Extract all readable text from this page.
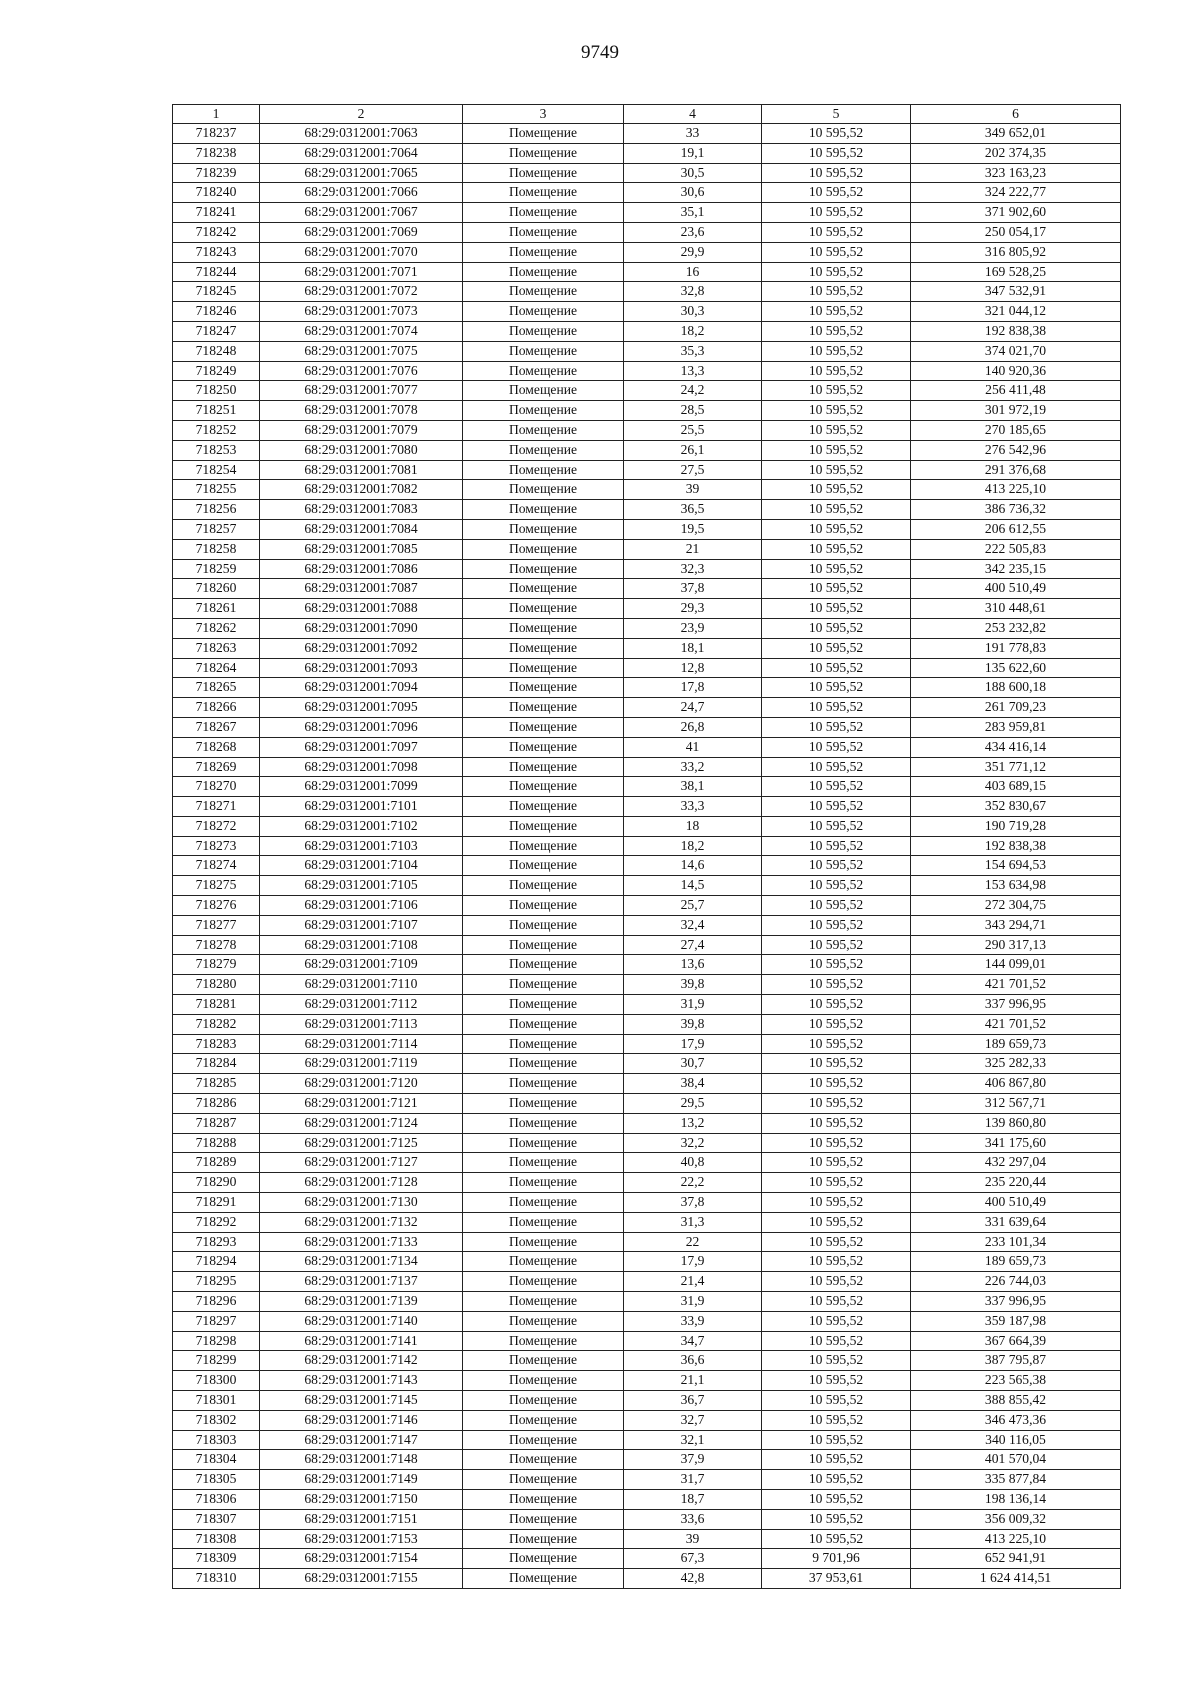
9749
1	2	3	4	5	6
718237	68:29:0312001:7063	Помещение	33	10 595,52	349 652,01
718238	68:29:0312001:7064	Помещение	19,1	10 595,52	202 374,35
718239	68:29:0312001:7065	Помещение	30,5	10 595,52	323 163,23
718240	68:29:0312001:7066	Помещение	30,6	10 595,52	324 222,77
718241	68:29:0312001:7067	Помещение	35,1	10 595,52	371 902,60
718242	68:29:0312001:7069	Помещение	23,6	10 595,52	250 054,17
718243	68:29:0312001:7070	Помещение	29,9	10 595,52	316 805,92
718244	68:29:0312001:7071	Помещение	16	10 595,52	169 528,25
718245	68:29:0312001:7072	Помещение	32,8	10 595,52	347 532,91
718246	68:29:0312001:7073	Помещение	30,3	10 595,52	321 044,12
718247	68:29:0312001:7074	Помещение	18,2	10 595,52	192 838,38
718248	68:29:0312001:7075	Помещение	35,3	10 595,52	374 021,70
718249	68:29:0312001:7076	Помещение	13,3	10 595,52	140 920,36
718250	68:29:0312001:7077	Помещение	24,2	10 595,52	256 411,48
718251	68:29:0312001:7078	Помещение	28,5	10 595,52	301 972,19
718252	68:29:0312001:7079	Помещение	25,5	10 595,52	270 185,65
718253	68:29:0312001:7080	Помещение	26,1	10 595,52	276 542,96
718254	68:29:0312001:7081	Помещение	27,5	10 595,52	291 376,68
718255	68:29:0312001:7082	Помещение	39	10 595,52	413 225,10
718256	68:29:0312001:7083	Помещение	36,5	10 595,52	386 736,32
718257	68:29:0312001:7084	Помещение	19,5	10 595,52	206 612,55
718258	68:29:0312001:7085	Помещение	21	10 595,52	222 505,83
718259	68:29:0312001:7086	Помещение	32,3	10 595,52	342 235,15
718260	68:29:0312001:7087	Помещение	37,8	10 595,52	400 510,49
718261	68:29:0312001:7088	Помещение	29,3	10 595,52	310 448,61
718262	68:29:0312001:7090	Помещение	23,9	10 595,52	253 232,82
718263	68:29:0312001:7092	Помещение	18,1	10 595,52	191 778,83
718264	68:29:0312001:7093	Помещение	12,8	10 595,52	135 622,60
718265	68:29:0312001:7094	Помещение	17,8	10 595,52	188 600,18
718266	68:29:0312001:7095	Помещение	24,7	10 595,52	261 709,23
718267	68:29:0312001:7096	Помещение	26,8	10 595,52	283 959,81
718268	68:29:0312001:7097	Помещение	41	10 595,52	434 416,14
718269	68:29:0312001:7098	Помещение	33,2	10 595,52	351 771,12
718270	68:29:0312001:7099	Помещение	38,1	10 595,52	403 689,15
718271	68:29:0312001:7101	Помещение	33,3	10 595,52	352 830,67
718272	68:29:0312001:7102	Помещение	18	10 595,52	190 719,28
718273	68:29:0312001:7103	Помещение	18,2	10 595,52	192 838,38
718274	68:29:0312001:7104	Помещение	14,6	10 595,52	154 694,53
718275	68:29:0312001:7105	Помещение	14,5	10 595,52	153 634,98
718276	68:29:0312001:7106	Помещение	25,7	10 595,52	272 304,75
718277	68:29:0312001:7107	Помещение	32,4	10 595,52	343 294,71
718278	68:29:0312001:7108	Помещение	27,4	10 595,52	290 317,13
718279	68:29:0312001:7109	Помещение	13,6	10 595,52	144 099,01
718280	68:29:0312001:7110	Помещение	39,8	10 595,52	421 701,52
718281	68:29:0312001:7112	Помещение	31,9	10 595,52	337 996,95
718282	68:29:0312001:7113	Помещение	39,8	10 595,52	421 701,52
718283	68:29:0312001:7114	Помещение	17,9	10 595,52	189 659,73
718284	68:29:0312001:7119	Помещение	30,7	10 595,52	325 282,33
718285	68:29:0312001:7120	Помещение	38,4	10 595,52	406 867,80
718286	68:29:0312001:7121	Помещение	29,5	10 595,52	312 567,71
718287	68:29:0312001:7124	Помещение	13,2	10 595,52	139 860,80
718288	68:29:0312001:7125	Помещение	32,2	10 595,52	341 175,60
718289	68:29:0312001:7127	Помещение	40,8	10 595,52	432 297,04
718290	68:29:0312001:7128	Помещение	22,2	10 595,52	235 220,44
718291	68:29:0312001:7130	Помещение	37,8	10 595,52	400 510,49
718292	68:29:0312001:7132	Помещение	31,3	10 595,52	331 639,64
718293	68:29:0312001:7133	Помещение	22	10 595,52	233 101,34
718294	68:29:0312001:7134	Помещение	17,9	10 595,52	189 659,73
718295	68:29:0312001:7137	Помещение	21,4	10 595,52	226 744,03
718296	68:29:0312001:7139	Помещение	31,9	10 595,52	337 996,95
718297	68:29:0312001:7140	Помещение	33,9	10 595,52	359 187,98
718298	68:29:0312001:7141	Помещение	34,7	10 595,52	367 664,39
718299	68:29:0312001:7142	Помещение	36,6	10 595,52	387 795,87
718300	68:29:0312001:7143	Помещение	21,1	10 595,52	223 565,38
718301	68:29:0312001:7145	Помещение	36,7	10 595,52	388 855,42
718302	68:29:0312001:7146	Помещение	32,7	10 595,52	346 473,36
718303	68:29:0312001:7147	Помещение	32,1	10 595,52	340 116,05
718304	68:29:0312001:7148	Помещение	37,9	10 595,52	401 570,04
718305	68:29:0312001:7149	Помещение	31,7	10 595,52	335 877,84
718306	68:29:0312001:7150	Помещение	18,7	10 595,52	198 136,14
718307	68:29:0312001:7151	Помещение	33,6	10 595,52	356 009,32
718308	68:29:0312001:7153	Помещение	39	10 595,52	413 225,10
718309	68:29:0312001:7154	Помещение	67,3	9 701,96	652 941,91
718310	68:29:0312001:7155	Помещение	42,8	37 953,61	1 624 414,51
